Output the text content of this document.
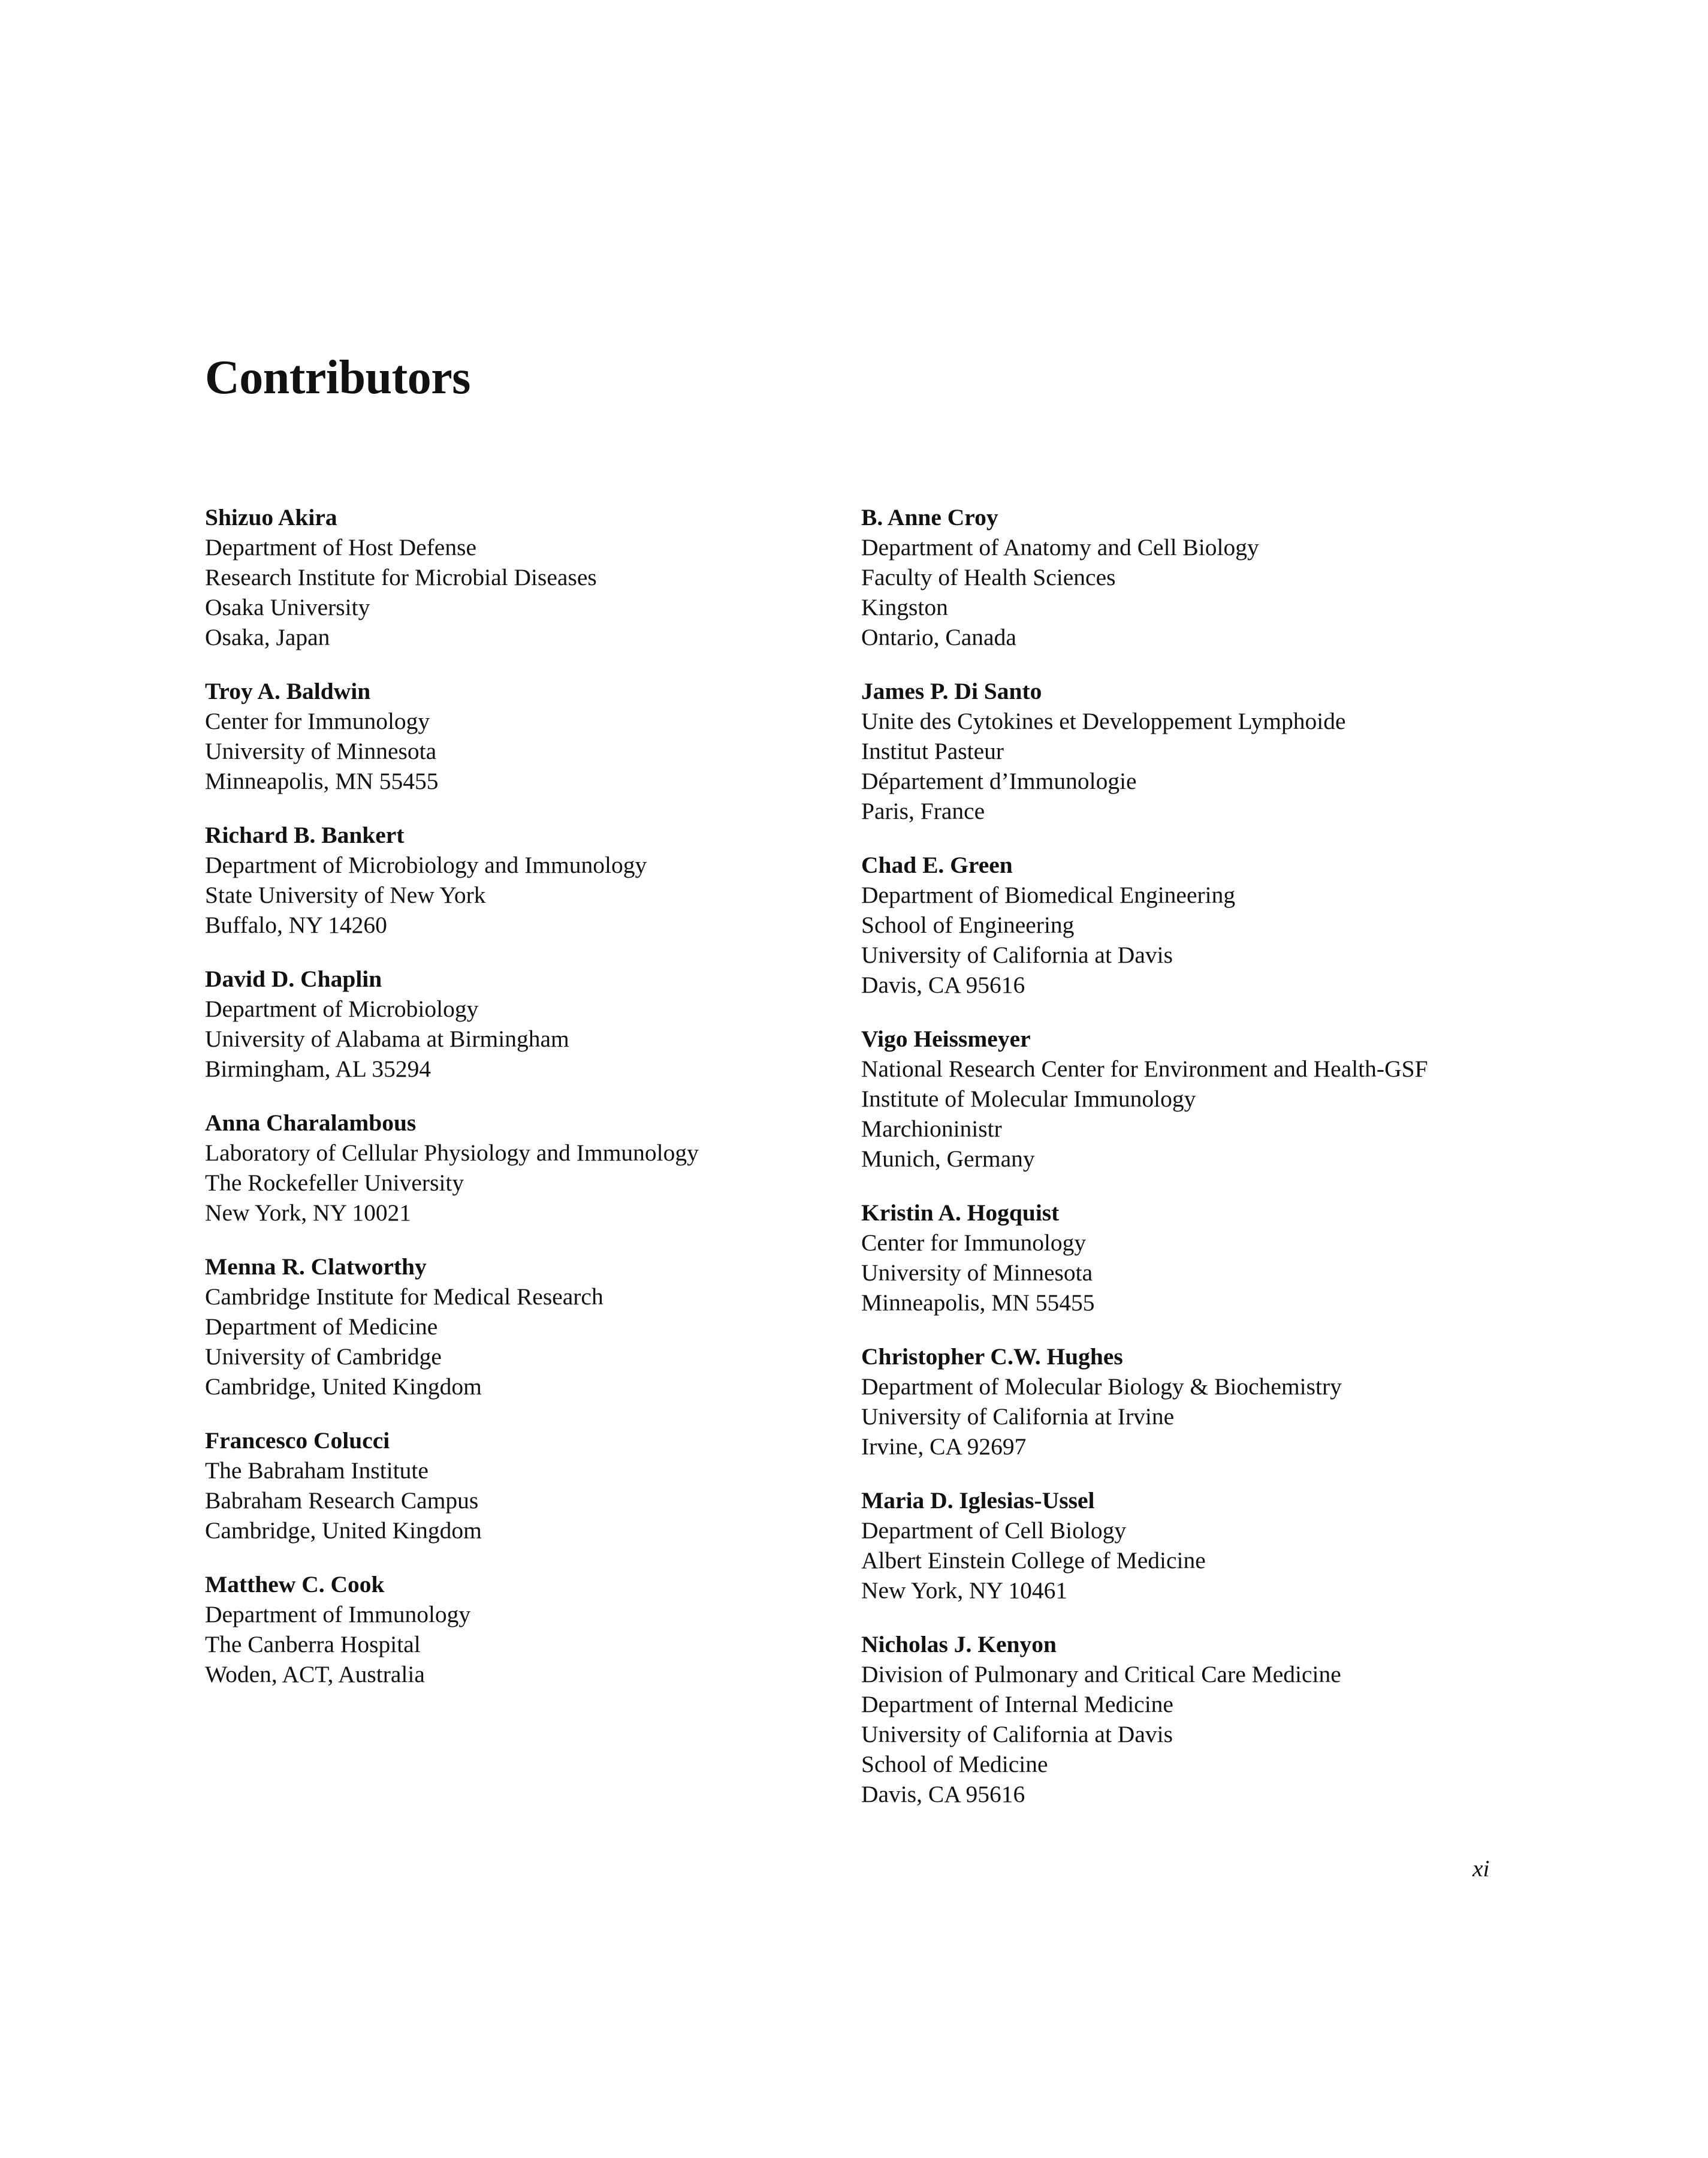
Contributors
Shizuo Akira
Department of Host Defense
Research Institute for Microbial Diseases
Osaka University
Osaka, Japan
Troy A. Baldwin
Center for Immunology
University of Minnesota
Minneapolis, MN 55455
Richard B. Bankert
Department of Microbiology and Immunology
State University of New York
Buffalo, NY 14260
David D. Chaplin
Department of Microbiology
University of Alabama at Birmingham
Birmingham, AL 35294
Anna Charalambous
Laboratory of Cellular Physiology and Immunology
The Rockefeller University
New York, NY 10021
Menna R. Clatworthy
Cambridge Institute for Medical Research
Department of Medicine
University of Cambridge
Cambridge, United Kingdom
Francesco Colucci
The Babraham Institute
Babraham Research Campus
Cambridge, United Kingdom
Matthew C. Cook
Department of Immunology
The Canberra Hospital
Woden, ACT, Australia
B. Anne Croy
Department of Anatomy and Cell Biology
Faculty of Health Sciences
Kingston
Ontario, Canada
James P. Di Santo
Unite des Cytokines et Developpement Lymphoide
Institut Pasteur
Département d’Immunologie
Paris, France
Chad E. Green
Department of Biomedical Engineering
School of Engineering
University of California at Davis
Davis, CA 95616
Vigo Heissmeyer
National Research Center for Environment and Health-GSF
Institute of Molecular Immunology
Marchioninistr
Munich, Germany
Kristin A. Hogquist
Center for Immunology
University of Minnesota
Minneapolis, MN 55455
Christopher C.W. Hughes
Department of Molecular Biology & Biochemistry
University of California at Irvine
Irvine, CA 92697
Maria D. Iglesias-Ussel
Department of Cell Biology
Albert Einstein College of Medicine
New York, NY 10461
Nicholas J. Kenyon
Division of Pulmonary and Critical Care Medicine
Department of Internal Medicine
University of California at Davis
School of Medicine
Davis, CA 95616
xi
